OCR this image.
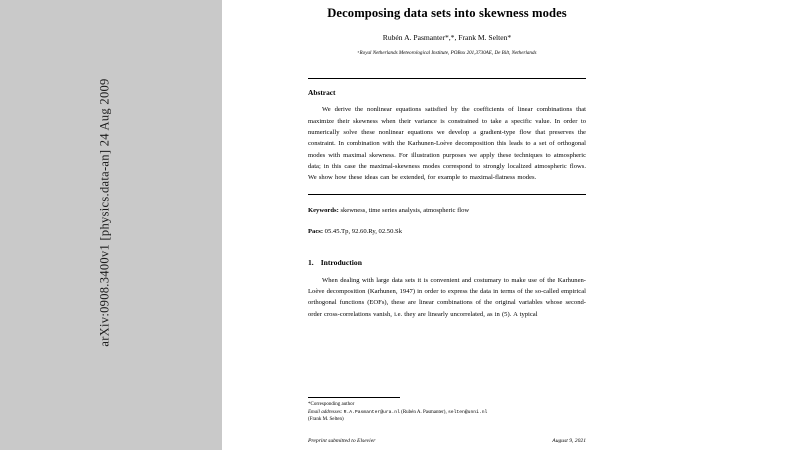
arXiv:0908.3400v1 [physics.data-an] 24 Aug 2009
Decomposing data sets into skewness modes
Rubén A. Pasmanter*,*, Frank M. Selten*
ᵃRoyal Netherlands Meteorological Institute, POBox 201,3730AE, De Bilt, Netherlands
Abstract

We derive the nonlinear equations satisfied by the coefficients of linear combinations that maximize their skewness when their variance is constrained to take a specific value. In order to numerically solve these nonlinear equations we develop a gradient-type flow that preserves the constraint. In combination with the Karhunen-Loève decomposition this leads to a set of orthogonal modes with maximal skewness. For illustration purposes we apply these techniques to atmospheric data; in this case the maximal-skewness modes correspond to strongly localized atmospheric flows. We show how these ideas can be extended, for example to maximal-flatness modes.

Keywords: skewness, time series analysis, atmospheric flow

Pacs: 05.45.Tp, 92.60.Ry, 02.50.Sk

1. Introduction

When dealing with large data sets it is convenient and costumary to make use of the Karhunen-Loève decomposition (Karhunen, 1947) in order to express the data in terms of the so-called empirical orthogonal functions (EOFs), these are linear combinations of the original variables whose second-order cross-correlations vanish, i.e. they are linearly uncorrelated, as in (5). A typical

*Corresponding author

Email addresses: R.A.Pasmanter@ura.nl (Rubén A. Pasmanter), selten@unni.nl

(Frank M. Selten)

Preprint submitted to Elsevier	August 9, 2021
